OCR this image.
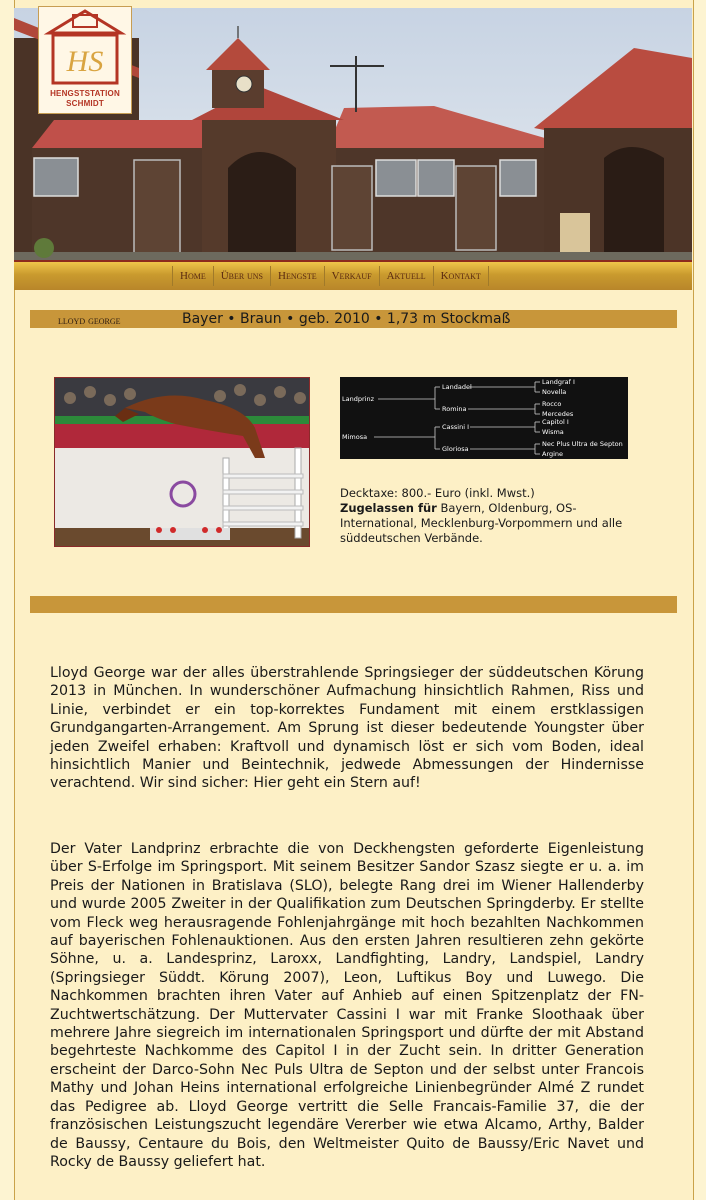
HS
HENGSTSTATION
SCHMIDT
Home	Über uns	Hengste	Verkauf	Aktuell	Kontakt
lloyd george	Bayer • Braun • geb. 2010 • 1,73 m Stockmaß
Landprinz
Mimosa
Landadel
Romina
Cassini I
Gloriosa
Landgraf I
Novella
Rocco
Mercedes
Capitol I
Wisma
Nec Plus Ultra de Septon
Argine
Decktaxe: 800.- Euro (inkl. Mwst.)
Zugelassen für Bayern, Oldenburg, OS-International, Mecklenburg-Vorpommern und alle süddeutschen Verbände.
Lloyd George war der alles überstrahlende Springsieger der süddeutschen Körung 2013 in München. In wunderschöner Aufmachung hinsichtlich Rahmen, Riss und Linie, verbindet er ein top-korrektes Fundament mit einem erstklassigen Grundgangarten-Arrangement. Am Sprung ist dieser bedeutende Youngster über jeden Zweifel erhaben: Kraftvoll und dynamisch löst er sich vom Boden, ideal hinsichtlich Manier und Beintechnik, jedwede Abmessungen der Hindernisse verachtend. Wir sind sicher: Hier geht ein Stern auf!
Der Vater Landprinz erbrachte die von Deckhengsten geforderte Eigenleistung über S-Erfolge im Springsport. Mit seinem Besitzer Sandor Szasz siegte er u. a. im Preis der Nationen in Bratislava (SLO), belegte Rang drei im Wiener Hallenderby und wurde 2005 Zweiter in der Qualifikation zum Deutschen Springderby. Er stellte vom Fleck weg herausragende Fohlenjahrgänge mit hoch bezahlten Nachkommen auf bayerischen Fohlenauktionen. Aus den ersten Jahren resultieren zehn gekörte Söhne, u. a. Landesprinz, Laroxx, Landfighting, Landry, Landspiel, Landry (Springsieger Süddt. Körung 2007), Leon, Luftikus Boy und Luwego. Die Nachkommen brachten ihren Vater auf Anhieb auf einen Spitzenplatz der FN-Zuchtwertschätzung. Der Muttervater Cassini I war mit Franke Sloothaak über mehrere Jahre siegreich im internationalen Springsport und dürfte der mit Abstand begehrteste Nachkomme des Capitol I in der Zucht sein. In dritter Generation erscheint der Darco-Sohn Nec Puls Ultra de Septon und der selbst unter Francois Mathy und Johan Heins international erfolgreiche Linienbegründer Almé Z rundet das Pedigree ab. Lloyd George vertritt die Selle Francais-Familie 37, die der französischen Leistungszucht legendäre Vererber wie etwa Alcamo, Arthy, Balder de Baussy, Centaure du Bois, den Weltmeister Quito de Baussy/Eric Navet und Rocky de Baussy geliefert hat.
